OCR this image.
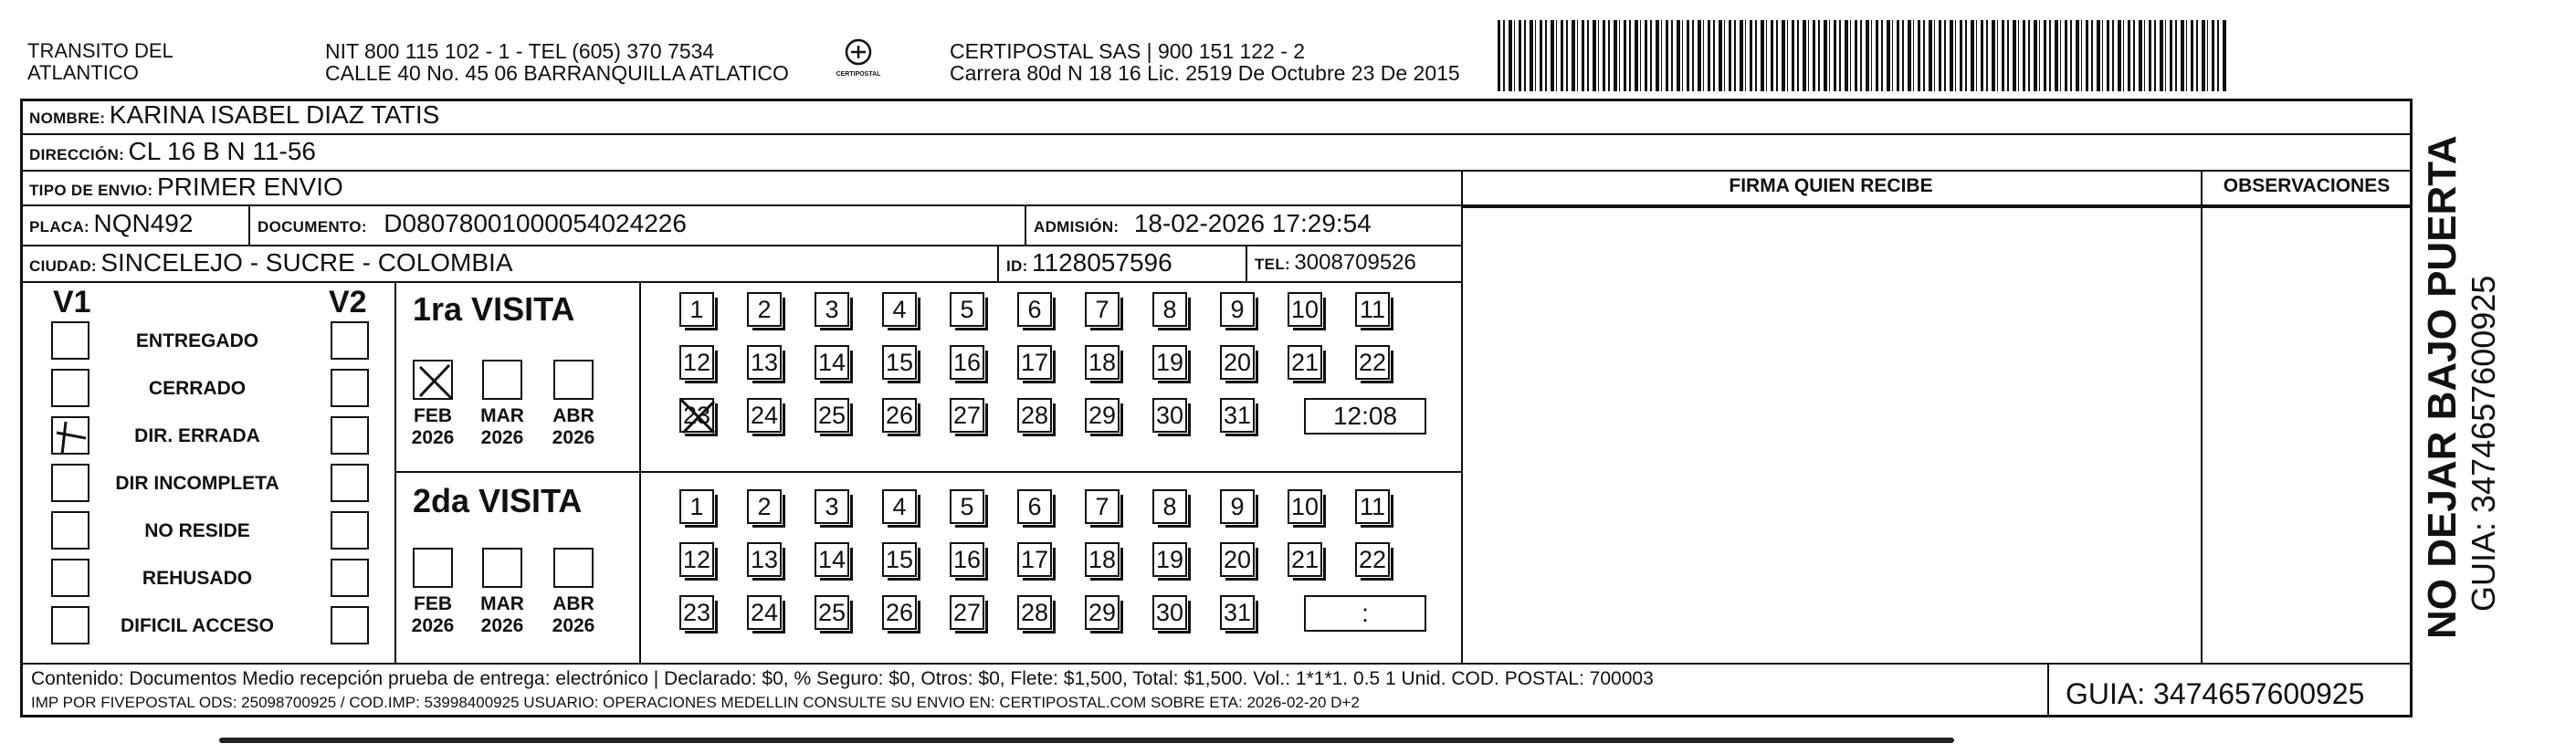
TRANSITO DEL
ATLANTICO
NIT 800 115 102 - 1 - TEL (605) 370 7534
CALLE 40 No. 45 06 BARRANQUILLA ATLATICO	CERTIPOSTAL
CERTIPOSTAL SAS | 900 151 122 - 2
Carrera 80d N 18 16 Lic. 2519 De Octubre 23 De 2015
NOMBRE: KARINA ISABEL DIAZ TATIS
DIRECCIÓN: CL 16 B N 11-56
TIPO DE ENVIO: PRIMER ENVIO
PLACA: NQN492	DOCUMENTO: D08078001000054024226	ADMISIÓN: 18-02-2026 17:29:54
CIUDAD: SINCELEJO - SUCRE - COLOMBIA	ID: 1128057596	TEL: 3008709526
FIRMA QUIEN RECIBE	OBSERVACIONES
V1	V2
ENTREGADO
CERRADO
DIR. ERRADA
DIR INCOMPLETA
NO RESIDE
REHUSADO
DIFICIL ACCESO
1ra VISITA
FEB
2026
MAR
2026
ABR
2026
1	2	3	4	5	6	7	8	9	10 11
12 13 14 15 16 17 18 19 20 21 22
23 24 25 26 27 28 29 30 31	12:08
2da VISITA
FEB
2026
MAR
2026
ABR
2026
1	2	3	4	5	6	7	8	9	10 11
12 13 14 15 16 17 18 19 20 21 22
23 24 25 26 27 28 29 30 31	:
Contenido: Documentos Medio recepción prueba de entrega: electrónico | Declarado: $0, % Seguro: $0, Otros: $0, Flete: $1,500, Total: $1,500. Vol.: 1*1*1. 0.5 1 Unid. COD. POSTAL: 700003
IMP POR FIVEPOSTAL ODS: 25098700925 / COD.IMP: 53998400925 USUARIO: OPERACIONES MEDELLIN CONSULTE SU ENVIO EN: CERTIPOSTAL.COM SOBRE ETA: 2026-02-20 D+2	GUIA: 3474657600925
NO DEJAR BAJO PUERTA GUIA: 3474657600925
